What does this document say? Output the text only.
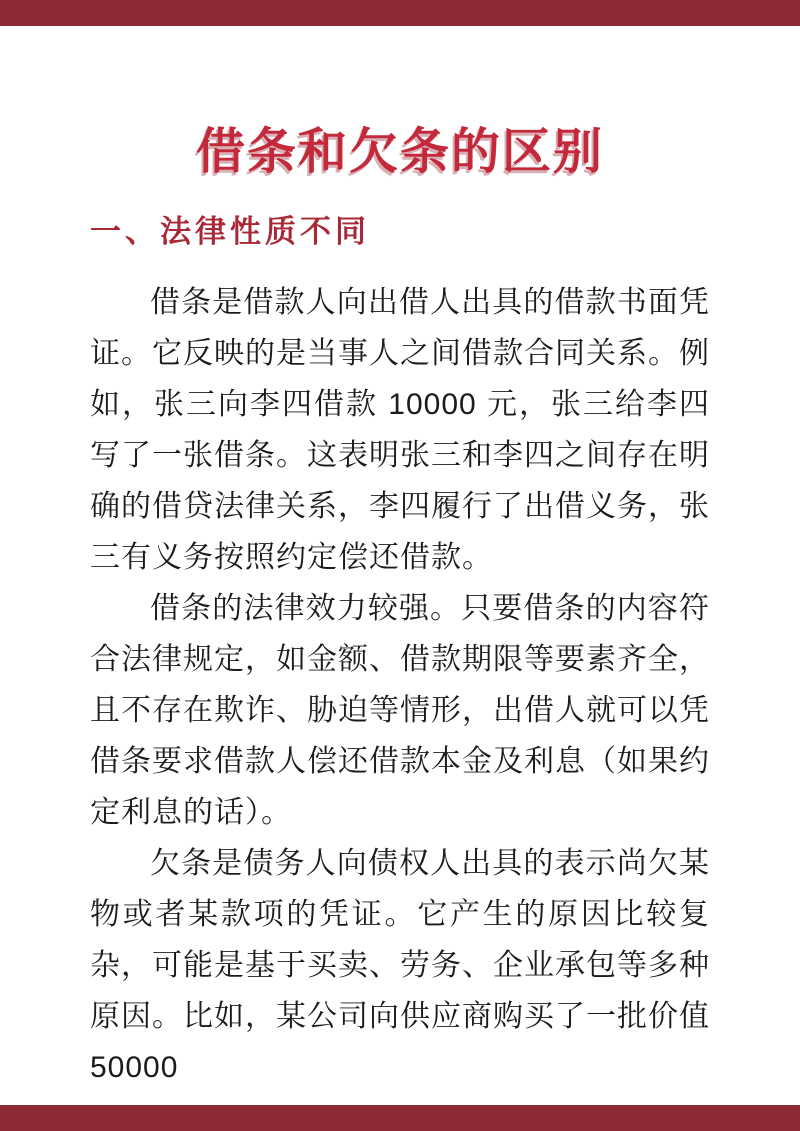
借条和欠条的区别
一、法律性质不同

借条是借款人向出借人出具的借款书面凭证。它反映的是当事人之间借款合同关系。例如，张三向李四借款 10000 元，张三给李四写了一张借条。这表明张三和李四之间存在明确的借贷法律关系，李四履行了出借义务，张三有义务按照约定偿还借款。

借条的法律效力较强。只要借条的内容符合法律规定，如金额、借款期限等要素齐全，且不存在欺诈、胁迫等情形，出借人就可以凭借条要求借款人偿还借款本金及利息（如果约定利息的话）。

欠条是债务人向债权人出具的表示尚欠某物或者某款项的凭证。它产生的原因比较复杂，可能是基于买卖、劳务、企业承包等多种原因。比如，某公司向供应商购买了一批价值 50000
